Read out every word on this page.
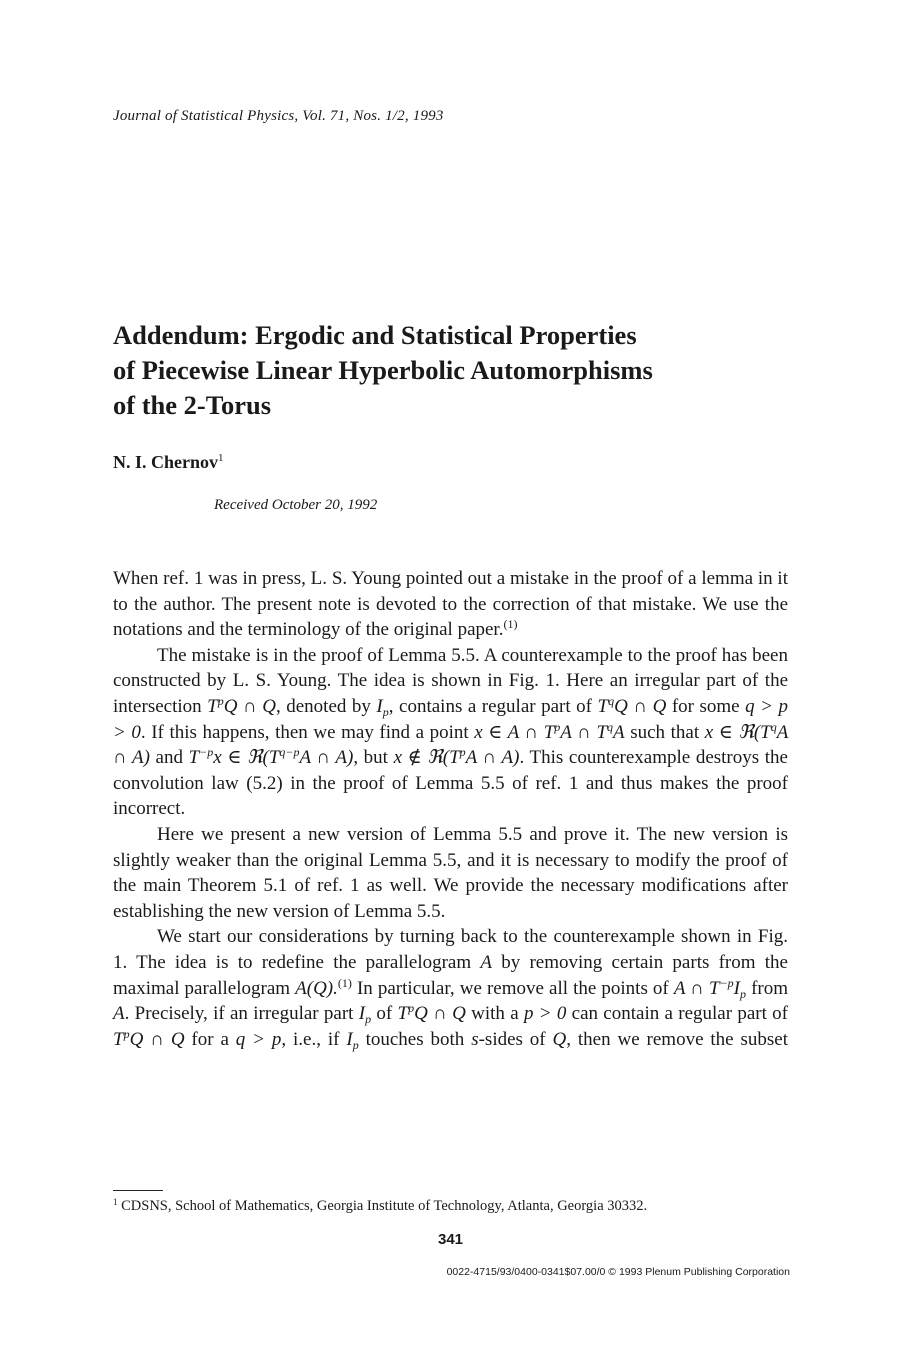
Journal of Statistical Physics, Vol. 71, Nos. 1/2, 1993
Addendum: Ergodic and Statistical Properties
of Piecewise Linear Hyperbolic Automorphisms
of the 2-Torus
N. I. Chernov$^1$
Received October 20, 1992

When ref. 1 was in press, L. S. Young pointed out a mistake in the proof of a lemma in it to the author. The present note is devoted to the correction of that mistake. We use the notations and the terminology of the original paper.$^{(1)}$

The mistake is in the proof of Lemma 5.5. A counterexample to the proof has been constructed by L. S. Young. The idea is shown in Fig. 1. Here an irregular part of the intersection $T^pQ$ ∩ Q, denoted by $I_p$, contains a regular part of $T^qQ$ ∩ Q for some q > p > 0. If this happens, then we may find a point x ∈ A ∩ $T^pA$ ∩ $T^qA$ such that x ∈ $ℜ(T^qA$ ∩ A) and $T^{-p}x$ ∈ $ℜ(T^{q-p}A$ ∩ A), but x ∉ $ℜ(T^pA$ ∩ A). This counterexample destroys the convolution law (5.2) in the proof of Lemma 5.5 of ref. 1 and thus makes the proof incorrect.

Here we present a new version of Lemma 5.5 and prove it. The new version is slightly weaker than the original Lemma 5.5, and it is necessary to modify the proof of the main Theorem 5.1 of ref. 1 as well. We provide the necessary modifications after establishing the new version of Lemma 5.5.

We start our considerations by turning back to the counterexample shown in Fig. 1. The idea is to redefine the parallelogram A by removing certain parts from the maximal parallelogram A(Q).$^{(1)}$ In particular, we remove all the points of A ∩ $T^{-p}I_p$ from A. Precisely, if an irregular part $I_p$ of $T^pQ$ ∩ Q with a p > 0 can contain a regular part of $T^pQ$ ∩ Q for a q > p, i.e., if $I_p$ touches both s-sides of Q, then we remove the subset

$^1$ CDSNS, School of Mathematics, Georgia Institute of Technology, Atlanta, Georgia 30332.
341
0022-4715/93/0400-0341$07.00/0 © 1993 Plenum Publishing Corporation
